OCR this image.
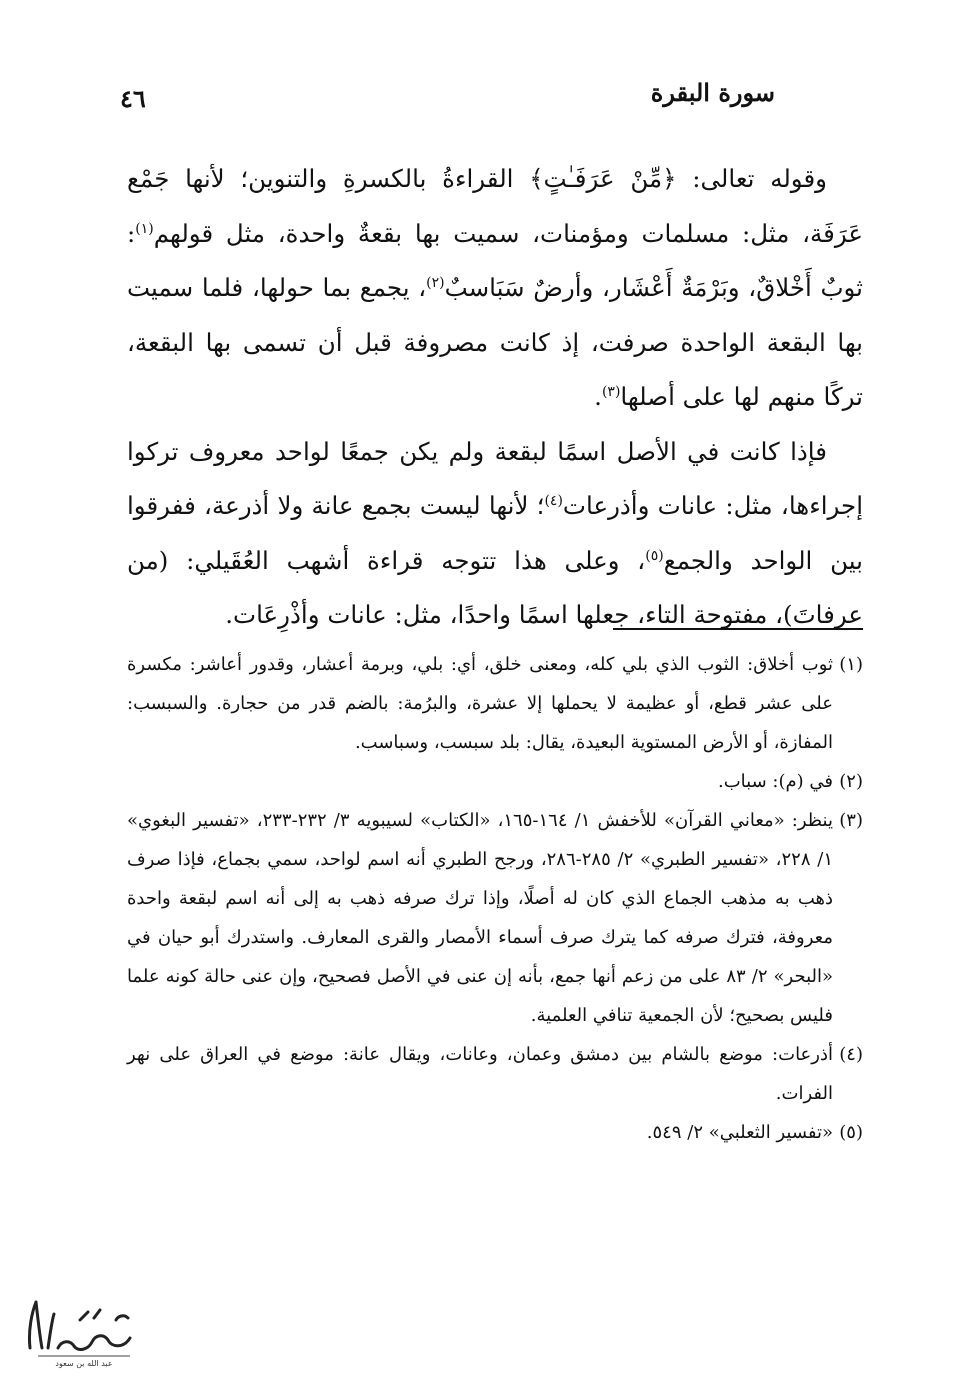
سورة البقرة
٤٦

وقوله تعالى: ﴿مِّنْ عَرَفَـٰتٍ﴾ القراءةُ بالكسرةِ والتنوين؛ لأنها جَمْع عَرَفَة، مثل: مسلمات ومؤمنات، سميت بها بقعةٌ واحدة، مثل قولهم$^{(١)}$: ثوبٌ أَخْلاقٌ، وبَرْمَةٌ أَعْشَار، وأرضٌ سَبَاسبٌ$^{(٢)}$، يجمع بما حولها، فلما سميت بها البقعة الواحدة صرفت، إذ كانت مصروفة قبل أن تسمى بها البقعة، تركًا منهم لها على أصلها$^{(٣)}$.

فإذا كانت في الأصل اسمًا لبقعة ولم يكن جمعًا لواحد معروف تركوا إجراءها، مثل: عانات وأذرعات$^{(٤)}$؛ لأنها ليست بجمع عانة ولا أذرعة، ففرقوا بين الواحد والجمع$^{(٥)}$، وعلى هذا تتوجه قراءة أشهب العُقَيلي: (من عرفاتَ)، مفتوحة التاء، جعلها اسمًا واحدًا، مثل: عانات وأذْرِعَات.

(١)
ثوب أخلاق: الثوب الذي بلي كله، ومعنى خلق، أي: بلي، وبرمة أعشار، وقدور أعاشر: مكسرة على عشر قطع، أو عظيمة لا يحملها إلا عشرة، والبرُمة: بالضم قدر من حجارة. والسبسب: المفازة، أو الأرض المستوية البعيدة، يقال: بلد سبسب، وسباسب.

(٢)
في (م): سباب.

(٣)
ينظر: «معاني القرآن» للأخفش ١/ ١٦٤-١٦٥، «الكتاب» لسيبويه ٣/ ٢٣٢-٢٣٣، «تفسير البغوي» ١/ ٢٢٨، «تفسير الطبري» ٢/ ٢٨٥-٢٨٦، ورجح الطبري أنه اسم لواحد، سمي بجماع، فإذا صرف ذهب به مذهب الجماع الذي كان له أصلًا، وإذا ترك صرفه ذهب به إلى أنه اسم لبقعة واحدة معروفة، فترك صرفه كما يترك صرف أسماء الأمصار والقرى المعارف. واستدرك أبو حيان في «البحر» ٢/ ٨٣ على من زعم أنها جمع، بأنه إن عنى في الأصل فصحيح، وإن عنى حالة كونه علما فليس بصحيح؛ لأن الجمعية تنافي العلمية.

(٤)
أذرعات: موضع بالشام بين دمشق وعمان، وعانات، ويقال عانة: موضع في العراق على نهر الفرات.

(٥)
«تفسير الثعلبي» ٢/ ٥٤٩.

عبد الله بن سعود
